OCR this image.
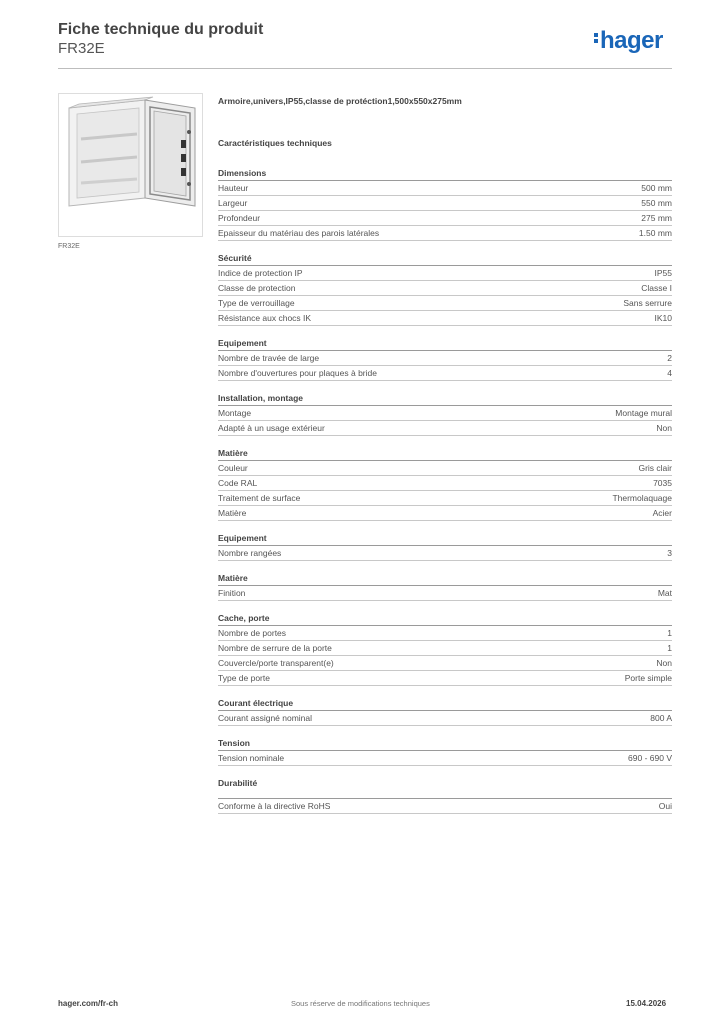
Fiche technique du produit
FR32E	hager
FR32E
Armoire,univers,IP55,classe de protéction1,500x550x275mm
Caractéristiques techniques
Dimensions
Hauteur	500 mm
Largeur	550 mm
Profondeur	275 mm
Epaisseur du matériau des parois latérales	1.50 mm
Sécurité
Indice de protection IP	IP55
Classe de protection	Classe I
Type de verrouillage	Sans serrure
Résistance aux chocs IK	IK10
Equipement
Nombre de travée de large	2
Nombre d'ouvertures pour plaques à bride	4
Installation, montage
Montage	Montage mural
Adapté à un usage extérieur	Non
Matière
Couleur	Gris clair
Code RAL	7035
Traitement de surface	Thermolaquage
Matière	Acier
Equipement
Nombre rangées	3
Matière
Finition	Mat
Cache, porte
Nombre de portes	1
Nombre de serrure de la porte	1
Couvercle/porte transparent(e)	Non
Type de porte	Porte simple
Courant électrique
Courant assigné nominal	800 A
Tension
Tension nominale	690 - 690 V
Durabilité
Conforme à la directive RoHS	Oui
hager.com/fr-ch	Sous réserve de modifications techniques	15.04.2026
